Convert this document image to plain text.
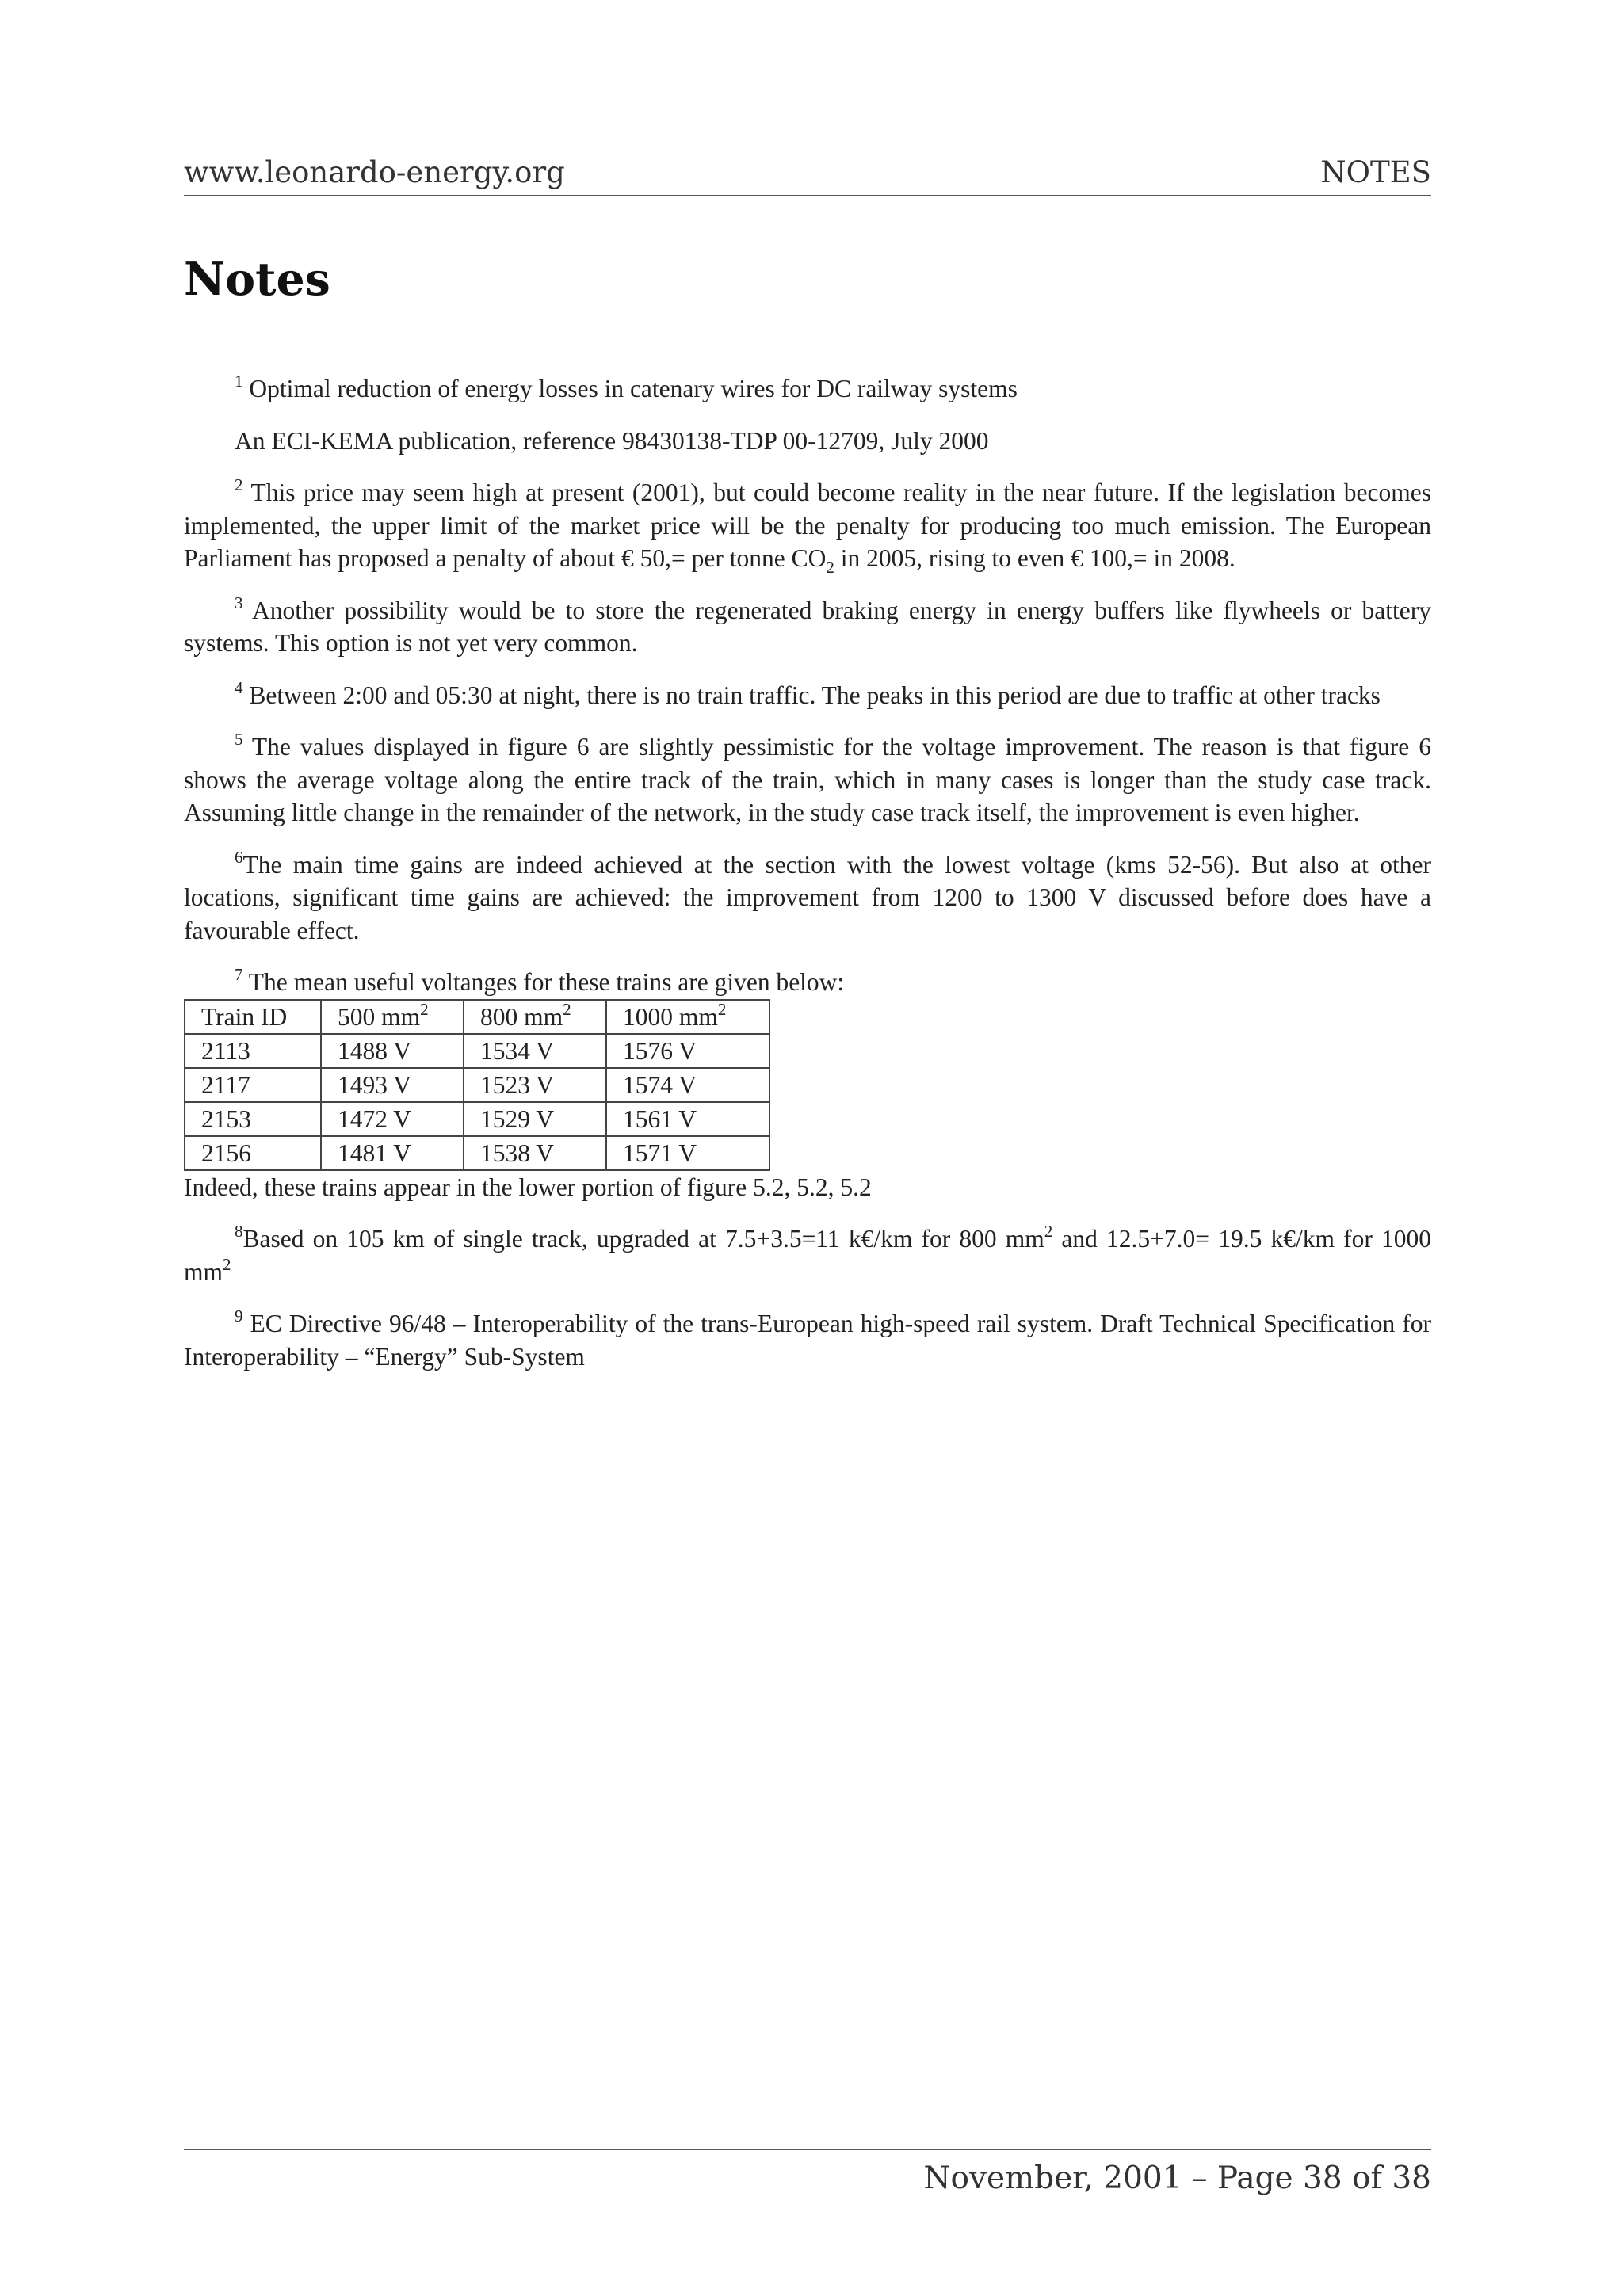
www.leonardo-energy.org	NOTES
Notes

$^1$ Optimal reduction of energy losses in catenary wires for DC railway systems

An ECI-KEMA publication, reference 98430138-TDP 00-12709, July 2000

$^2$ This price may seem high at present (2001), but could become reality in the near future. If the legislation becomes implemented, the upper limit of the market price will be the penalty for producing too much emission. The European Parliament has proposed a penalty of about € 50,= per tonne $CO_2$ in 2005, rising to even € 100,= in 2008.

$^3$ Another possibility would be to store the regenerated braking energy in energy buffers like flywheels or battery systems. This option is not yet very common.

$^4$ Between 2:00 and 05:30 at night, there is no train traffic. The peaks in this period are due to traffic at other tracks

$^5$ The values displayed in figure 6 are slightly pessimistic for the voltage improvement. The reason is that figure 6 shows the average voltage along the entire track of the train, which in many cases is longer than the study case track. Assuming little change in the remainder of the network, in the study case track itself, the improvement is even higher.

$^6$The main time gains are indeed achieved at the section with the lowest voltage (kms 52-56). But also at other locations, significant time gains are achieved: the improvement from 1200 to 1300 V discussed before does have a favourable effect.

$^7$ The mean useful voltanges for these trains are given below:

Train ID	500 $mm^2$	800 $mm^2$	1000 $mm^2$
2113	1488 V	1534 V	1576 V
2117	1493 V	1523 V	1574 V
2153	1472 V	1529 V	1561 V
2156	1481 V	1538 V	1571 V

Indeed, these trains appear in the lower portion of figure 5.2, 5.2, 5.2

$^8$Based on 105 km of single track, upgraded at 7.5+3.5=11 k€/km for 800 $mm^2$ and 12.5+7.0= 19.5 k€/km for 1000 $mm^2$

$^9$ EC Directive 96/48 – Interoperability of the trans-European high-speed rail system. Draft Technical Specification for Interoperability – “Energy” Sub-System

November, 2001 – Page 38 of 38
